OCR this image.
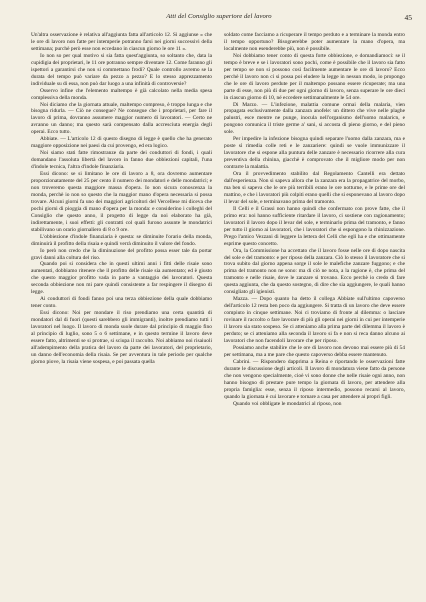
Atti del Consiglio superiore del lavoro	45

Un'altra osservazione è relativa all'aggiunta fatta all'articolo 12. Si aggiunse « che le ore di lavoro non fatte per intemperie potranno farsi nei giorni successivi della settimana; purchè però esse non eccedano in ciascun giorno le ore 11 ».

Io non so per qual motivo si sia fatta quest'aggiunta, so soltanto che, data la cupidigia dei proprietari, le 11 ore potranno sempre diventare 12. Come faranno gli ispettori a garantirsi che non si commettano frodi? Quale controllo avremo se la durata del tempo può variare da pezzo a pezzo? E lo stesso apprezzamento individuale su di essa, non può dar luogo a una infinità di controversie?

Osservo infine che l'elemento maltempo è già calcolato nella media spesa complessiva della monda.

Noi diciamo che la giornata attuale, maltempo compreso, è troppo lunga e che bisogna ridurla. — Ciò ne consegue? Ne consegue che i proprietari, per fare il lavoro di prima, dovranno assumere maggior numero di lavoratori. — Certo ne avranno un danno; ma questo sarà compensato dalla accresciuta energia degli operai. Ecco tutto.

Abbiate. — L'articolo 12 di questo disegno di legge è quello che ha generato maggiore opposizione nei paesi da cui provengo, ed era logico.

Noi siamo stati fatte rimostranze da parte dei conduttori di fondi, i quali domandano l'assoluta libertà del lavoro in fanno due obbiezioni capitali, l'una d'indole tecnica, l'altra d'indole finanziaria.

Essi dicono: se si limitano le ore di lavoro a 8, ora dovremo aumentare proporzionatamente del 25 per cento il numero dei mondatori e delle mondatrici; e non troveremo questa maggiore massa d'opera. Io non sicura conoscenza la monda, perchè io non so questo che la maggior mano d'opera necessaria si possa trovare. Alcuni giorni fa uno dei maggiori agricoltori del Vercellese mi diceva che pochi giorni di pioggia di mano d'opera per la monda: e considerino i colleghi del Consiglio che questo anno, il progetto di legge da noi elaborato ha già, indirettamente, i suoi effetti: gli contratti col quali furono assunte le mondatrici stabilivano un orario giornaliero di 8 o 9 ore.

L'obbiezione d'indole finanziaria è questa: se diminuite l'orario della monda, diminuirà il profitto della risaia e quindi verrà diminuito il valore del fondo.

Io però non credo che la diminuzione del profitto possa esser tale da portar gravi danni alla coltura del riso.

Quando poi si considera che in questi ultimi anni i fitti delle risaie sono aumentati, dobbiamo ritenere che il profitto delle risaie sia aumentato; ed è giusto che questo maggior profitto vada in parte a vantaggio dei lavoratori. Questa seconda obbiezione non mi pare quindi consistente a far respingere il disegno di legge.

Ai conduttori di fondi fanno poi una terza obbiezione della quale dobbiamo tener conto.

Essi dicono: Noi per mondare il riso prendiamo una certa quantità di mondatori dal di fuori (questi sarebbero gli immigranti), inoltre prendiamo tutti i lavoratori nel luogo. Il lavoro di monda suole durare dal principio di maggio fino al principio di luglio, sono 5 o 6 settimane, e in questo termine il lavoro deve essere fatto, altrimenti se si protrae, si sciupa il raccolto. Noi abbiamo noi risaiuoli all'adempimento della pratica del lavoro da parte dei lavoratori, del proprietario, un danno dell'economia della risaia. Se per avventura in tale periodo per qualche giorno piove, la risaia viene sospesa, e poi passata quella

soldato come facciamo a ricuperare il tempo perduto e a terminare la monda entro il tempo opportuno? Bisognerebbe poter aumentare la mano d'opera, ma localmente non esenderebbe più, non è possibile.

Noi dobbiamo tener conto di questa forte obbiezione, e domandiamoci: se il tempo è breve e se i lavoratori sono pochi, come è possibile che il lavoro sia fatto per tempo se non si possono così facilmente aumentare le ore di lavoro? Ecco perchè il lavoro non ci si possa poi eludere la legge in nessun modo, io propongo che le ore di lavoro perdute per il maltempo possano essere ricuperate; ma una parte di esse, non più di due per ogni giorno di lavoro, senza superare le ore dieci in ciascun giorno di 10, né eccedere settimanalmente le 54 ore.

Di Marzo. — L'infezione, malattia comune ormai della malaria, vien propagata esclusivamente dalla zanzara anofele: un dittero che vive nelle plaghe palustri, esce mentre ne punge, inocula nell'organismo dell'uomo malaricn, e pongono comunica il triste germe a' sani, si accosta di pieno giorno, e del pieno sole.

Per impedire la infezione bisogna quindi separare l'uomo dalla zanzara, ma e poste sì rimedia colle reti e le zanzariere: quindi se vuole immunizzare il lavoratore che si espone alla puntura delle zanzare è necessario ricorrere alla cura preventiva della chinina, giacchè è comprovato che il migliore modo per non contrarre la malattia.

Ora il provvedimento stabilito dal Regolamento Cantelli era dettato dall'esperienza. Non si sapeva allora che la zanzara era la propagatrice del morbo, ma ben si sapeva che le ore più terribili erano le ore notturne, e le prime ore del mattino, e che i lavoratori più colpiti erano quelli che si esponevano al lavoro dopo il levar del sole, e terminavano prima del tramonto.

Il Celli e il Grassi non hanno quindi che confermato con prove fatte, che il primo era: noi hanno sufficiente ritardare il lavoro, ci sostiene con ragionamento; lavoratori il lavoro dopo il levar del sole, e terminarlo prima del tramonto, e fanno per tutto il giorno ai lavoratori, che i lavoratori che si espongono la chinizzazione. Prego l'amico Vezzani di leggere la lettera del Celli che egli ha e che ottimamente esprime questo concetto.

Ora, la Commissione ha accettato che il lavoro fosse nelle ore di dopo nascita del sole e del tramonto: e per riposo della zanzara. Ciò lo stesso il lavoratore che si trova subito dal giorno appena sorge il sole le malefiche zanzare fuggono; e che prima del tramonto non ne sono: ma di ciò ne nota, a la ragione è, che prima del tramonto e nelle risaie, dove le zanzare si trovano. Ecco perchè io credo di fare questa aggiunta, che da questo sostegno, di dire che sia aggiungere, le quali hanno consigliato gli igienisti.

Mazza. — Dopo quanto ha detto il collega Abbiate sull'ultimo capoverso dell'articolo 12 resta ben poco da aggiungere. Si tratta di un lavoro che deve essere compiuto in cinque settimane. Noi ci troviamo di fronte al dilemma: o lasciare rovinare il raccolto o fare lavorare di più gli operai nei giorni in cui per intemperie il lavoro sia stato sospeso. Se ci atteniamo alla prima parte del dilemma il lavoro è perduto; se ci atteniamo alla seconda il lavoro si fa e non si reca danno alcuno ai lavoratori che non facendoli lavorare che per riposo.

Possiamo anche stabilire che le ore di lavoro non devono mai essere più di 54 per settimana, ma a me pare che questo capoverso debba essere mantenuto.

Cabrini. — Rispondero dapprima a Reina e riportando le osservazioni fatte durante le discussione degli articoli. Il lavoro di mondatura viene fatto da persone che non vengono specialmente, cioè vi sono donne che nelle risaie ogni anno, non hanno bisogno di prestare pure tempo la giornata di lavoro, per attendere alla propria famiglia: esse, senza il riposo intermedio, possono recarsi al lavoro, quando la giornata è cui lavorare e tornare a casa per attendere ai propri figli.

Quando voi obbligate le mondatrici al riposo, non
